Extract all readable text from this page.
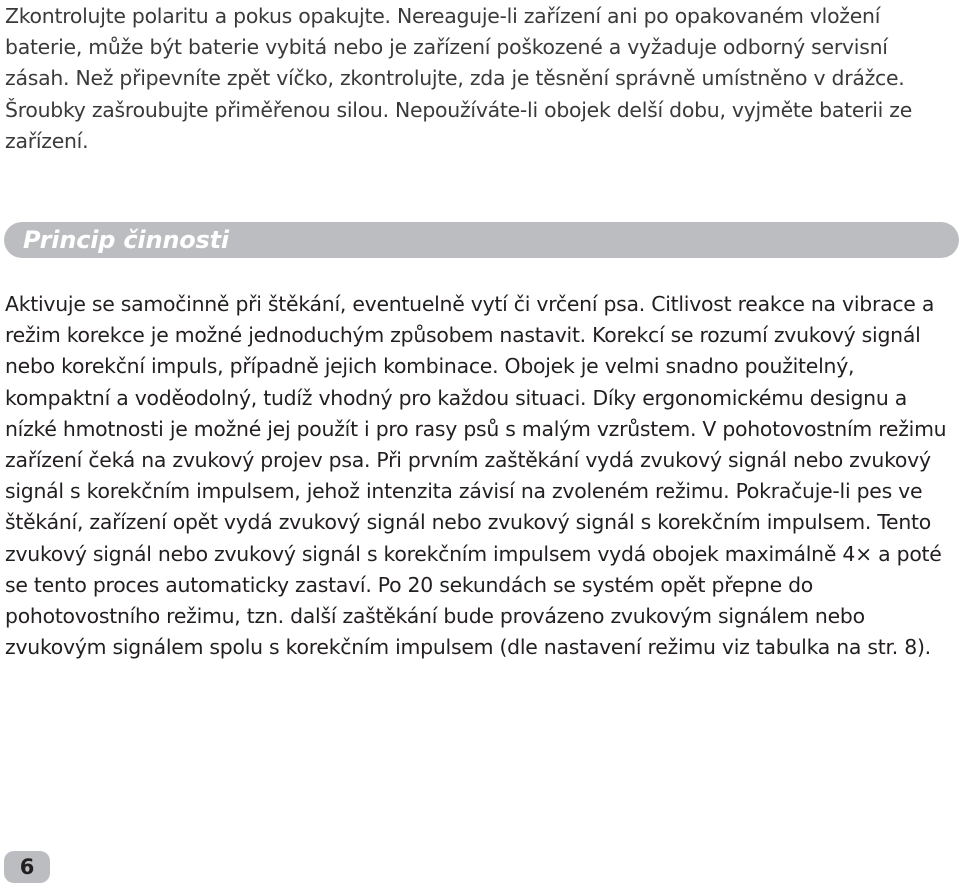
Zkontrolujte polaritu a pokus opakujte. Nereaguje-li zařízení ani po opakovaném vložení baterie, může být baterie vybitá nebo je zařízení poškozené a vyžaduje odborný servisní zásah. Než připevníte zpět víčko, zkontrolujte, zda je těsnění správně umístněno v drážce. Šroubky zašroubujte přiměřenou silou. Nepoužíváte-li obojek delší dobu, vyjměte baterii ze zařízení.

Princip činnosti

Aktivuje se samočinně při štěkání, eventuelně vytí či vrčení psa. Citlivost reakce na vibrace a režim korekce je možné jednoduchým způsobem nastavit. Korekcí se rozumí zvukový signál nebo korekční impuls, případně jejich kombinace. Obojek je velmi snadno použitelný, kompaktní a voděodolný, tudíž vhodný pro každou situaci. Díky ergonomickému designu a nízké hmotnosti je možné jej použít i pro rasy psů s malým vzrůstem. V pohotovostním režimu zařízení čeká na zvukový projev psa. Při prvním zaštěkání vydá zvukový signál nebo zvukový signál s korekčním impulsem, jehož intenzita závisí na zvoleném režimu. Pokračuje-li pes ve štěkání, zařízení opět vydá zvukový signál nebo zvukový signál s korekčním impulsem. Tento zvukový signál nebo zvukový signál s korekčním impulsem vydá obojek maximálně 4× a poté se tento proces automaticky zastaví. Po 20 sekundách se systém opět přepne do pohotovostního režimu, tzn. další zaštěkání bude provázeno zvukovým signálem nebo zvukovým signálem spolu s korekčním impulsem (dle nastavení režimu viz tabulka na str. 8).

6
